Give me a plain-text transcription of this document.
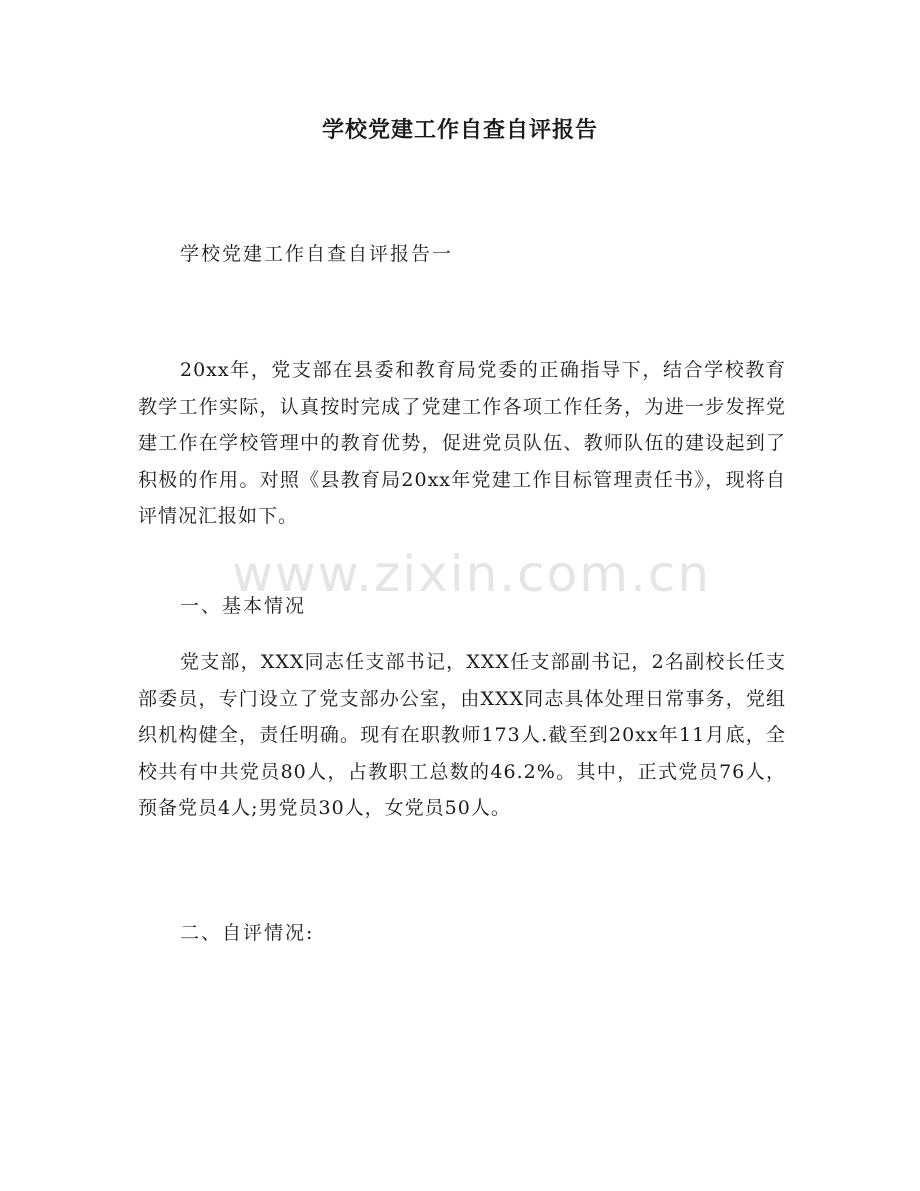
学校党建工作自查自评报告

学校党建工作自查自评报告一

20xx年，党支部在县委和教育局党委的正确指导下，结合学校教育教学工作实际，认真按时完成了党建工作各项工作任务，为进一步发挥党建工作在学校管理中的教育优势，促进党员队伍、教师队伍的建设起到了积极的作用。对照《县教育局20xx年党建工作目标管理责任书》，现将自评情况汇报如下。

一、基本情况

党支部，XXX同志任支部书记，XXX任支部副书记，2名副校长任支部委员，专门设立了党支部办公室，由XXX同志具体处理日常事务，党组织机构健全，责任明确。现有在职教师173人.截至到20xx年11月底，全校共有中共党员80人，占教职工总数的46.2%。其中，正式党员76人，预备党员4人;男党员30人，女党员50人。

二、自评情况:

www.zixin.com.cn
